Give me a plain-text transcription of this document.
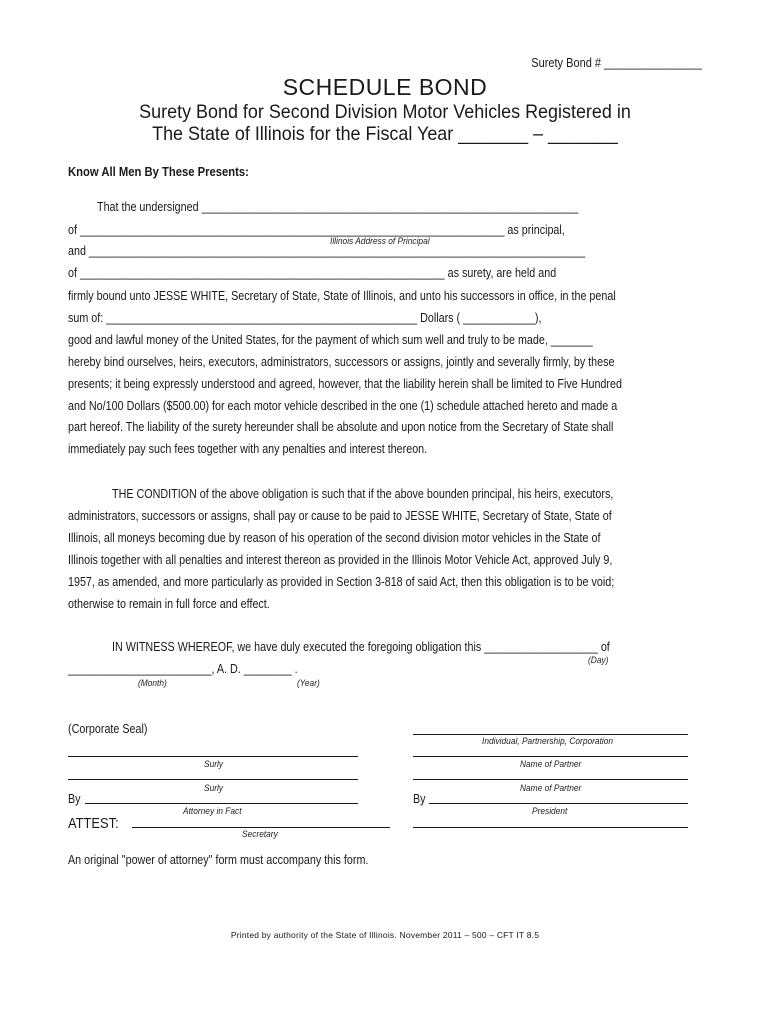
Surety Bond # ________________
SCHEDULE BOND
Surety Bond for Second Division Motor Vehicles Registered in
The State of Illinois for the Fiscal Year _______ – _______
Know All Men By These Presents:
That the undersigned _______________________________________________________________
of _______________________________________________________________________ as principal,
Illinois Address of Principal
and ___________________________________________________________________________________
of _____________________________________________________________ as surety, are held and
firmly bound unto JESSE WHITE, Secretary of State, State of Illinois, and unto his successors in office, in the penal
sum of: ____________________________________________________ Dollars ( ____________),
good and lawful money of the United States, for the payment of which sum well and truly to be made, _______
hereby bind ourselves, heirs, executors, administrators, successors or assigns, jointly and severally firmly, by these
presents; it being expressly understood and agreed, however, that the liability herein shall be limited to Five Hundred
and No/100 Dollars ($500.00) for each motor vehicle described in the one (1) schedule attached hereto and made a
part hereof. The liability of the surety hereunder shall be absolute and upon notice from the Secretary of State shall
immediately pay such fees together with any penalties and interest thereon.
THE CONDITION of the above obligation is such that if the above bounden principal, his heirs, executors,
administrators, successors or assigns, shall pay or cause to be paid to JESSE WHITE, Secretary of State, State of
Illinois, all moneys becoming due by reason of his operation of the second division motor vehicles in the State of
Illinois together with all penalties and interest thereon as provided in the Illinois Motor Vehicle Act, approved July 9,
1957, as amended, and more particularly as provided in Section 3-818 of said Act, then this obligation is to be void;
otherwise to remain in full force and effect.
IN WITNESS WHEREOF, we have duly executed the foregoing obligation this ___________________ of
(Day)
________________________, A. D. ________ .
(Month)	(Year)
(Corporate Seal)
Surly
Surly
By
Attorney in Fact
ATTEST:
Secretary
Individual, Partnership, Corporation
Name of Partner
Name of Partner
By
President
An original "power of attorney" form must accompany this form.
Printed by authority of the State of Illinois. November 2011 – 500 – CFT IT 8.5
